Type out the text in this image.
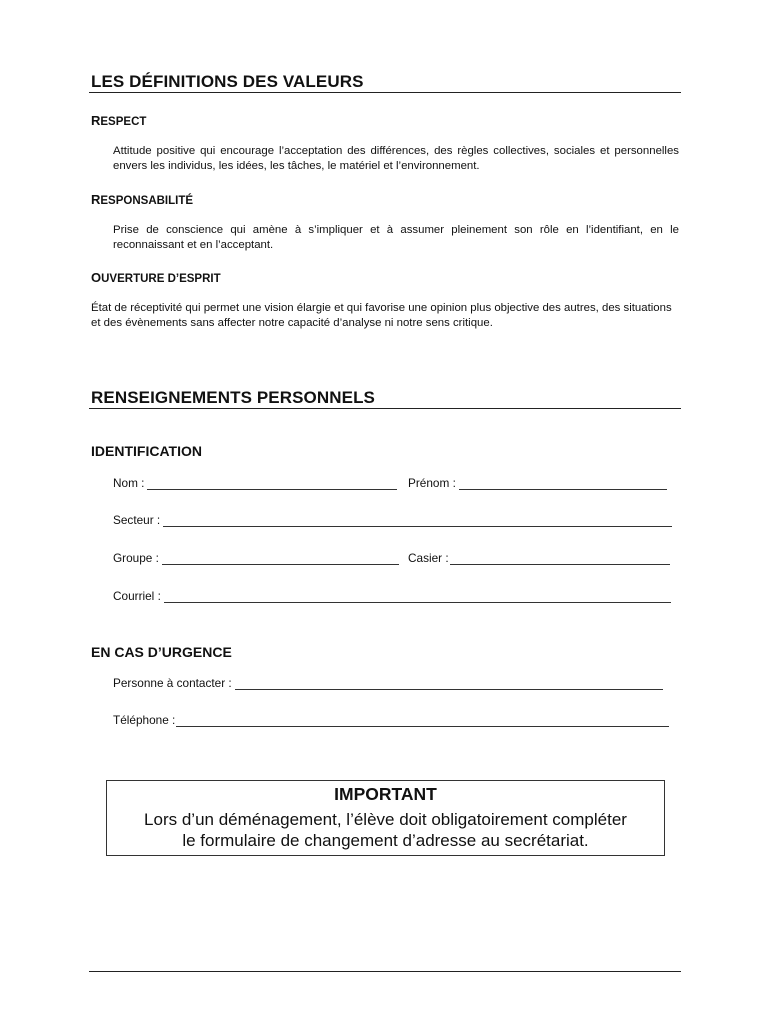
LES DÉFINITIONS DES VALEURS
RESPECT
Attitude positive qui encourage l’acceptation des différences, des règles collectives, sociales et personnelles envers les individus, les idées, les tâches, le matériel et l’environnement.
RESPONSABILITÉ
Prise de conscience qui amène à s’impliquer et à assumer pleinement son rôle en l’identifiant, en le reconnaissant et en l’acceptant.
OUVERTURE D’ESPRIT
État de réceptivité qui permet une vision élargie et qui favorise une opinion plus objective des autres, des situations et des évènements sans affecter notre capacité d’analyse ni notre sens critique.
RENSEIGNEMENTS PERSONNELS
IDENTIFICATION
Nom :	Prénom :
Secteur :
Groupe :	Casier :
Courriel :
EN CAS D’URGENCE
Personne à contacter :
Téléphone :
IMPORTANT
Lors d’un déménagement, l’élève doit obligatoirement compléter
le formulaire de changement d’adresse au secrétariat.
